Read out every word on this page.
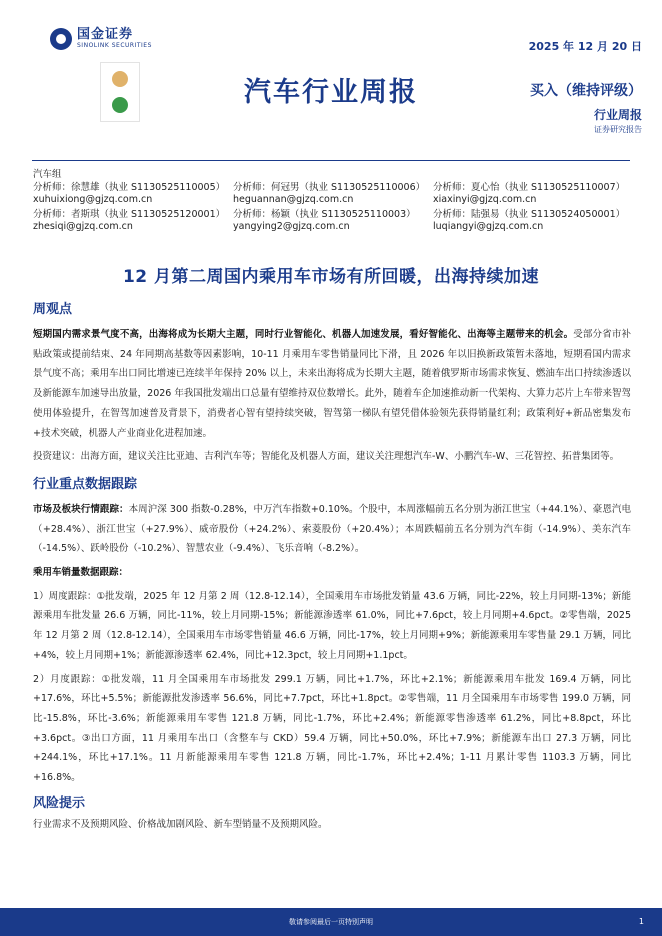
国金证券
SINOLINK SECURITIES	2025 年 12 月 20 日
汽车行业周报	买入（维持评级）
行业周报
证券研究报告
汽车组
分析师：徐慧雄（执业 S1130525110005）
xuhuixiong@gjzq.com.cn
分析师：何冠男（执业 S1130525110006）
heguannan@gjzq.com.cn
分析师：夏心怡（执业 S1130525110007）
xiaxinyi@gjzq.com.cn
分析师：者斯琪（执业 S1130525120001）
zhesiqi@gjzq.com.cn
分析师：杨颖（执业 S1130525110003）
yangying2@gjzq.com.cn
分析师：陆强易（执业 S1130524050001）
luqiangyi@gjzq.com.cn
12 月第二周国内乘用车市场有所回暖，出海持续加速
周观点

短期国内需求景气度不高，出海将成为长期大主题，同时行业智能化、机器人加速发展，看好智能化、出海等主题带来的机会。受部分省市补贴政策或提前结束、24 年同期高基数等因素影响，10-11 月乘用车零售销量同比下滑，且 2026 年以旧换新政策暂未落地，短期看国内需求景气度不高；乘用车出口同比增速已连续半年保持 20% 以上，未来出海将成为长期大主题，随着俄罗斯市场需求恢复、燃油车出口持续渗透以及新能源车加速导出放量，2026 年我国批发端出口总量有望维持双位数增长。此外，随着车企加速推动新一代架构、大算力芯片上车带来智驾使用体验提升，在智驾加速普及背景下，消费者心智有望持续突破，智驾第一梯队有望凭借体验领先获得销量红利；政策利好+新品密集发布+技术突破，机器人产业商业化进程加速。

投资建议：出海方面，建议关注比亚迪、吉利汽车等；智能化及机器人方面，建议关注理想汽车-W、小鹏汽车-W、三花智控、拓普集团等。

行业重点数据跟踪

市场及板块行情跟踪：本周沪深 300 指数-0.28%，中万汽车指数+0.10%。个股中，本周涨幅前五名分别为浙江世宝（+44.1%）、豪恩汽电（+28.4%）、浙江世宝（+27.9%）、威帝股份（+24.2%）、索菱股份（+20.4%）；本周跌幅前五名分别为汽车街（-14.9%）、美东汽车（-14.5%）、跃岭股份（-10.2%）、智慧农业（-9.4%）、飞乐音响（-8.2%）。

乘用车销量数据跟踪：

1）周度跟踪：①批发端，2025 年 12 月第 2 周（12.8-12.14），全国乘用车市场批发销量 43.6 万辆，同比-22%，较上月同期-13%；新能源乘用车批发量 26.6 万辆，同比-11%，较上月同期-15%；新能源渗透率 61.0%，同比+7.6pct，较上月同期+4.6pct。②零售端，2025 年 12 月第 2 周（12.8-12.14），全国乘用车市场零售销量 46.6 万辆，同比-17%，较上月同期+9%；新能源乘用车零售量 29.1 万辆，同比+4%，较上月同期+1%；新能源渗透率 62.4%，同比+12.3pct，较上月同期+1.1pct。

2）月度跟踪：①批发端，11 月全国乘用车市场批发 299.1 万辆，同比+1.7%，环比+2.1%；新能源乘用车批发 169.4 万辆，同比+17.6%，环比+5.5%；新能源批发渗透率 56.6%，同比+7.7pct，环比+1.8pct。②零售端，11 月全国乘用车市场零售 199.0 万辆，同比-15.8%，环比-3.6%；新能源乘用车零售 121.8 万辆，同比-1.7%，环比+2.4%；新能源零售渗透率 61.2%，同比+8.8pct，环比+3.6pct。③出口方面，11 月乘用车出口（含整车与 CKD）59.4 万辆，同比+50.0%，环比+7.9%；新能源车出口 27.3 万辆，同比+244.1%，环比+17.1%。11 月新能源乘用车零售 121.8 万辆，同比-1.7%，环比+2.4%；1-11 月累计零售 1103.3 万辆，同比+16.8%。

风险提示

行业需求不及预期风险、价格战加剧风险、新车型销量不及预期风险。

敬请参阅最后一页特别声明	1
